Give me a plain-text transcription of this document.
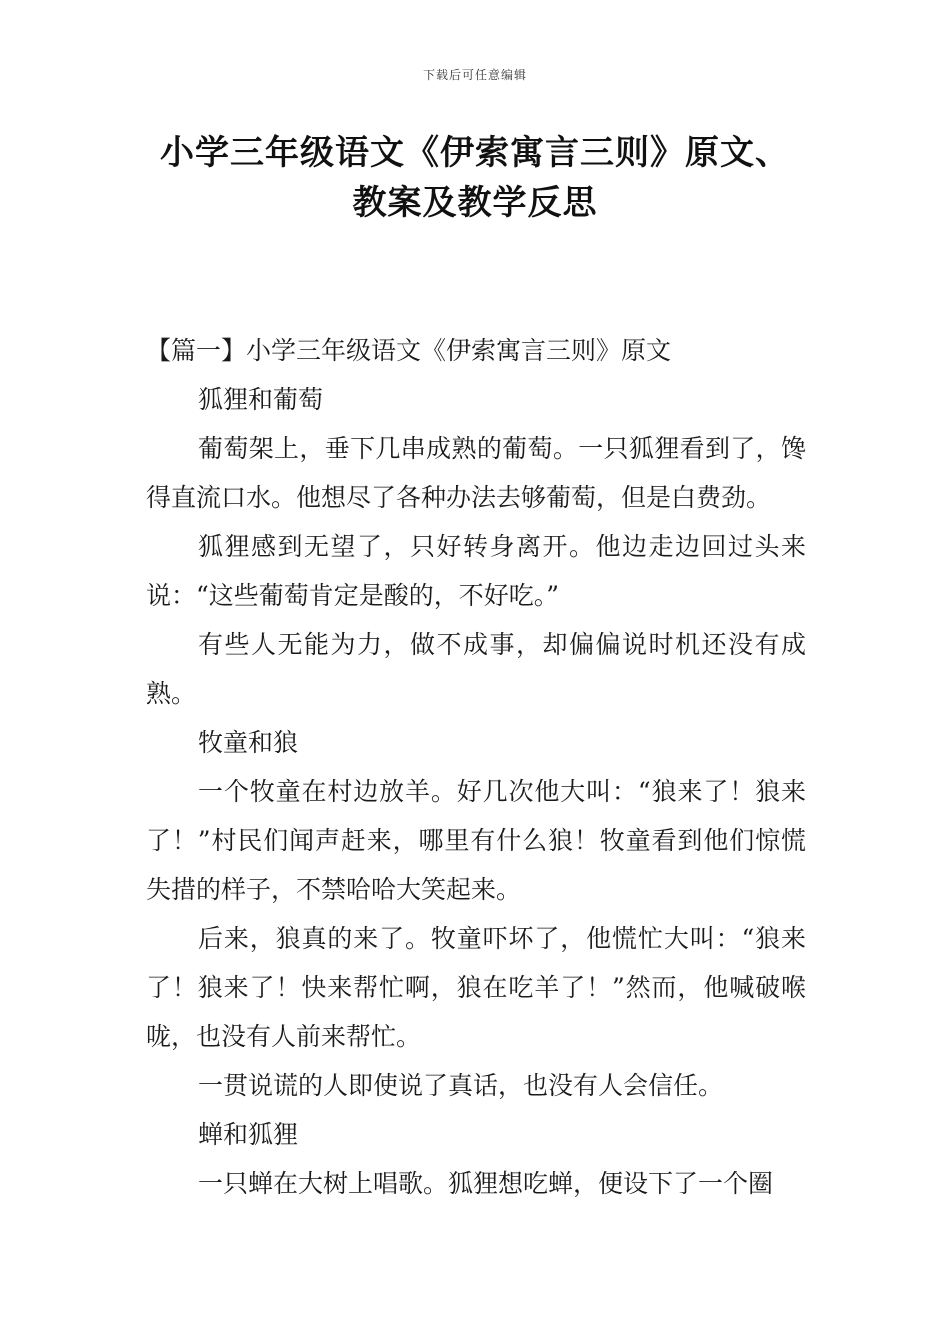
下载后可任意编辑
小学三年级语文《伊索寓言三则》原文、
教案及教学反思

【篇一】小学三年级语文《伊索寓言三则》原文

狐狸和葡萄

葡萄架上，垂下几串成熟的葡萄。一只狐狸看到了，馋得直流口水。他想尽了各种办法去够葡萄，但是白费劲。

狐狸感到无望了，只好转身离开。他边走边回过头来说：“这些葡萄肯定是酸的，不好吃。”

有些人无能为力，做不成事，却偏偏说时机还没有成熟。

牧童和狼

一个牧童在村边放羊。好几次他大叫：“狼来了！狼来了！”村民们闻声赶来，哪里有什么狼！牧童看到他们惊慌失措的样子，不禁哈哈大笑起来。

后来，狼真的来了。牧童吓坏了，他慌忙大叫：“狼来了！狼来了！快来帮忙啊，狼在吃羊了！”然而，他喊破喉咙，也没有人前来帮忙。

一贯说谎的人即使说了真话，也没有人会信任。

蝉和狐狸

一只蝉在大树上唱歌。狐狸想吃蝉，便设下了一个圈
